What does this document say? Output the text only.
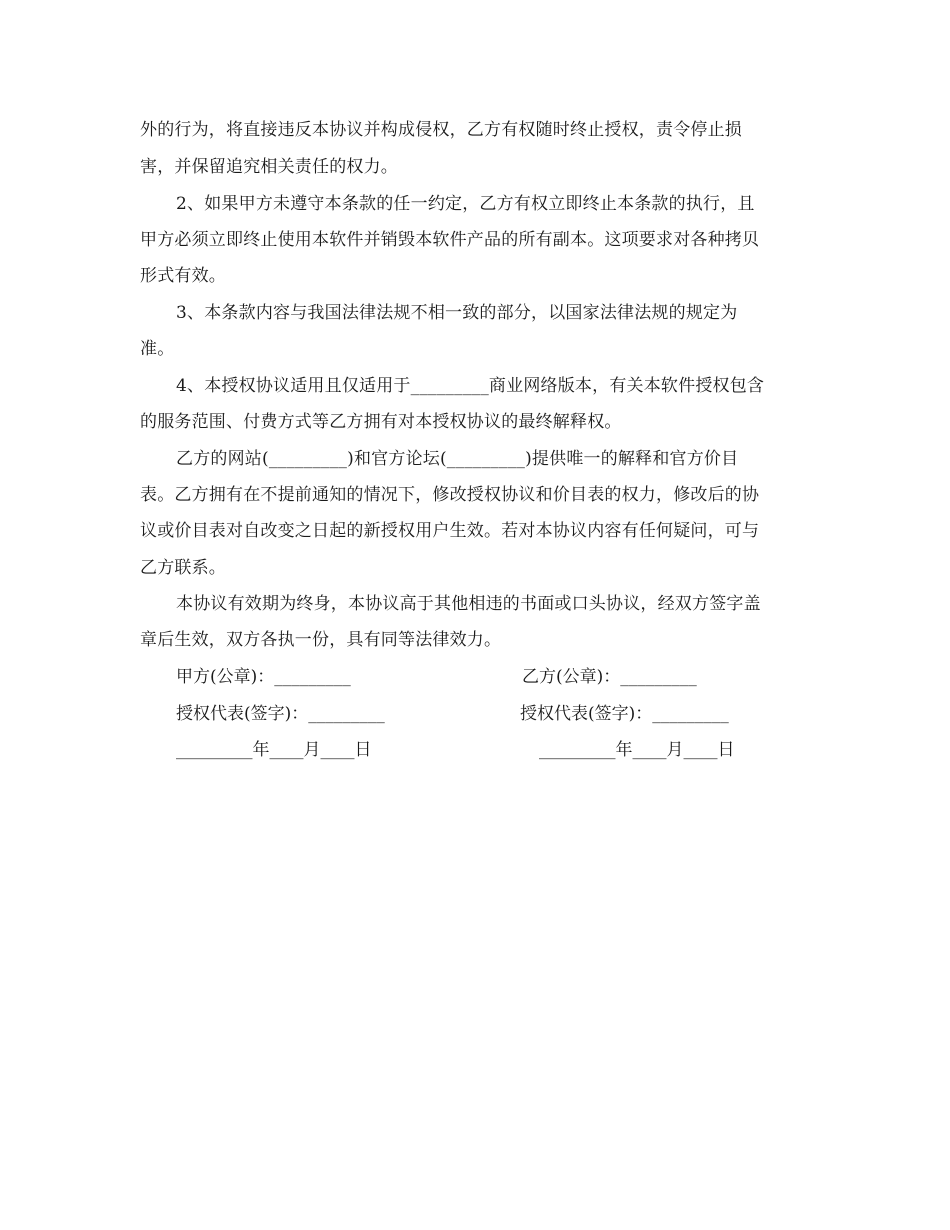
外的行为，将直接违反本协议并构成侵权，乙方有权随时终止授权，责令停止损
害，并保留追究相关责任的权力。
2、如果甲方未遵守本条款的任一约定，乙方有权立即终止本条款的执行，且
甲方必须立即终止使用本软件并销毁本软件产品的所有副本。这项要求对各种拷贝
形式有效。
3、本条款内容与我国法律法规不相一致的部分，以国家法律法规的规定为
准。
4、本授权协议适用且仅适用于_________商业网络版本，有关本软件授权包含
的服务范围、付费方式等乙方拥有对本授权协议的最终解释权。
乙方的网站(_________)和官方论坛(_________)提供唯一的解释和官方价目
表。乙方拥有在不提前通知的情况下，修改授权协议和价目表的权力，修改后的协
议或价目表对自改变之日起的新授权用户生效。若对本协议内容有任何疑问，可与
乙方联系。
本协议有效期为终身，本协议高于其他相违的书面或口头协议，经双方签字盖
章后生效，双方各执一份，具有同等法律效力。
甲方(公章)：_________	乙方(公章)：_________
授权代表(签字)：_________	授权代表(签字)：_________
_________年____月____日	_________年____月____日
